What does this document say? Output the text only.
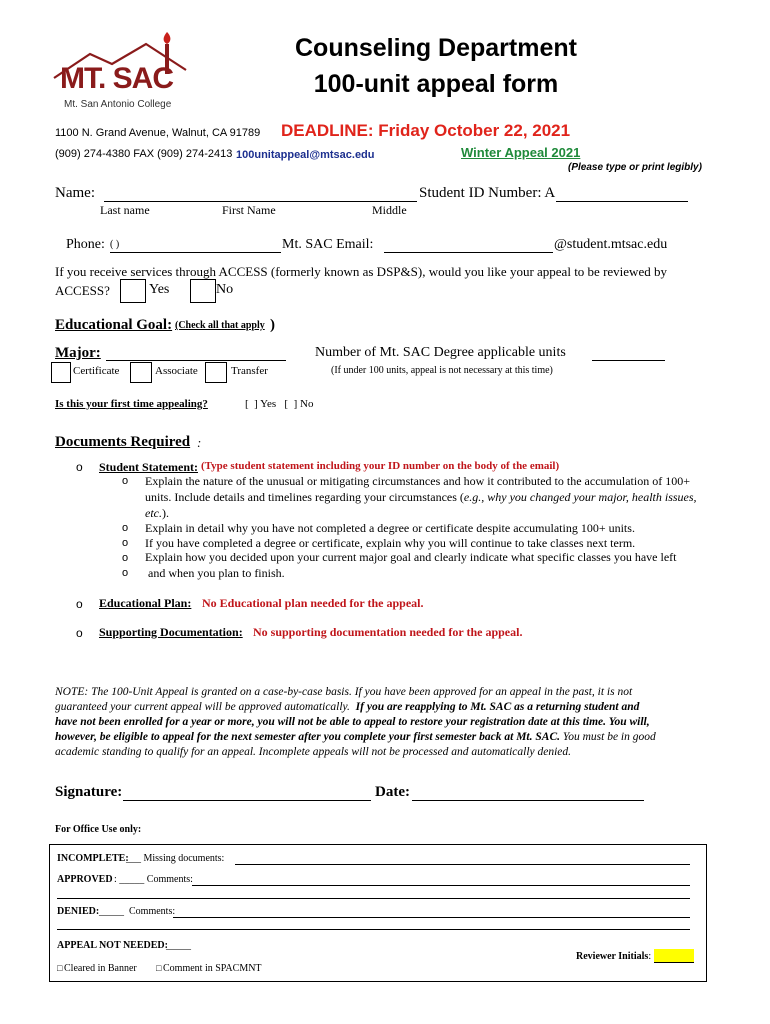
MT. SAC
Mt. San Antonio College
Counseling Department
100-unit appeal form
1100 N. Grand Avenue, Walnut, CA 91789
(909) 274-4380 FAX (909) 274-2413 100unitappeal@mtsac.edu
DEADLINE: Friday October 22, 2021
Winter Appeal 2021
(Please type or print legibly)
Name:	Student ID Number: A
Last name	First Name	Middle
Phone: ( )	Mt. SAC Email:	@student.mtsac.edu
If you receive services through ACCESS (formerly known as DSP&S), would you like your appeal to be reviewed by
ACCESS?	Yes	No
Educational Goal: (Check all that apply )
Major:	Number of Mt. SAC Degree applicable units
Certificate	Associate	Transfer	(If under 100 units, appeal is not necessary at this time)
Is this your first time appealing?	[  ] Yes   [  ] No
Documents Required :
o Student Statement: (Type student statement including your ID number on the body of the email)
o Explain the nature of the unusual or mitigating circumstances and how it contributed to the accumulation of 100+
units. Include details and timelines regarding your circumstances (e.g., why you changed your major, health issues,
etc.).
o Explain in detail why you have not completed a degree or certificate despite accumulating 100+ units.
o If you have completed a degree or certificate, explain why you will continue to take classes next term.
o Explain how you decided upon your current major goal and clearly indicate what specific classes you have left
o and when you plan to finish.
o Educational Plan: No Educational plan needed for the appeal.
o Supporting Documentation: No supporting documentation needed for the appeal.
NOTE: The 100-Unit Appeal is granted on a case-by-case basis. If you have been approved for an appeal in the past, it is not
guaranteed your current appeal will be approved automatically. If you are reapplying to Mt. SAC as a returning student and
have not been enrolled for a year or more, you will not be able to appeal to restore your registration date at this time. You will,
however, be eligible to appeal for the next semester after you complete your first semester back at Mt. SAC. You must be in good
academic standing to qualify for an appeal. Incomplete appeals will not be processed and automatically denied.
Signature:	Date:
For Office Use only:
INCOMPLETE:
___ Missing documents:
APPROVED : _____ Comments:
DENIED: _____  Comments:
APPEAL NOT NEEDED:
_____
□ Cleared in Banner □ Comment in SPACMNT
Reviewer Initials:
